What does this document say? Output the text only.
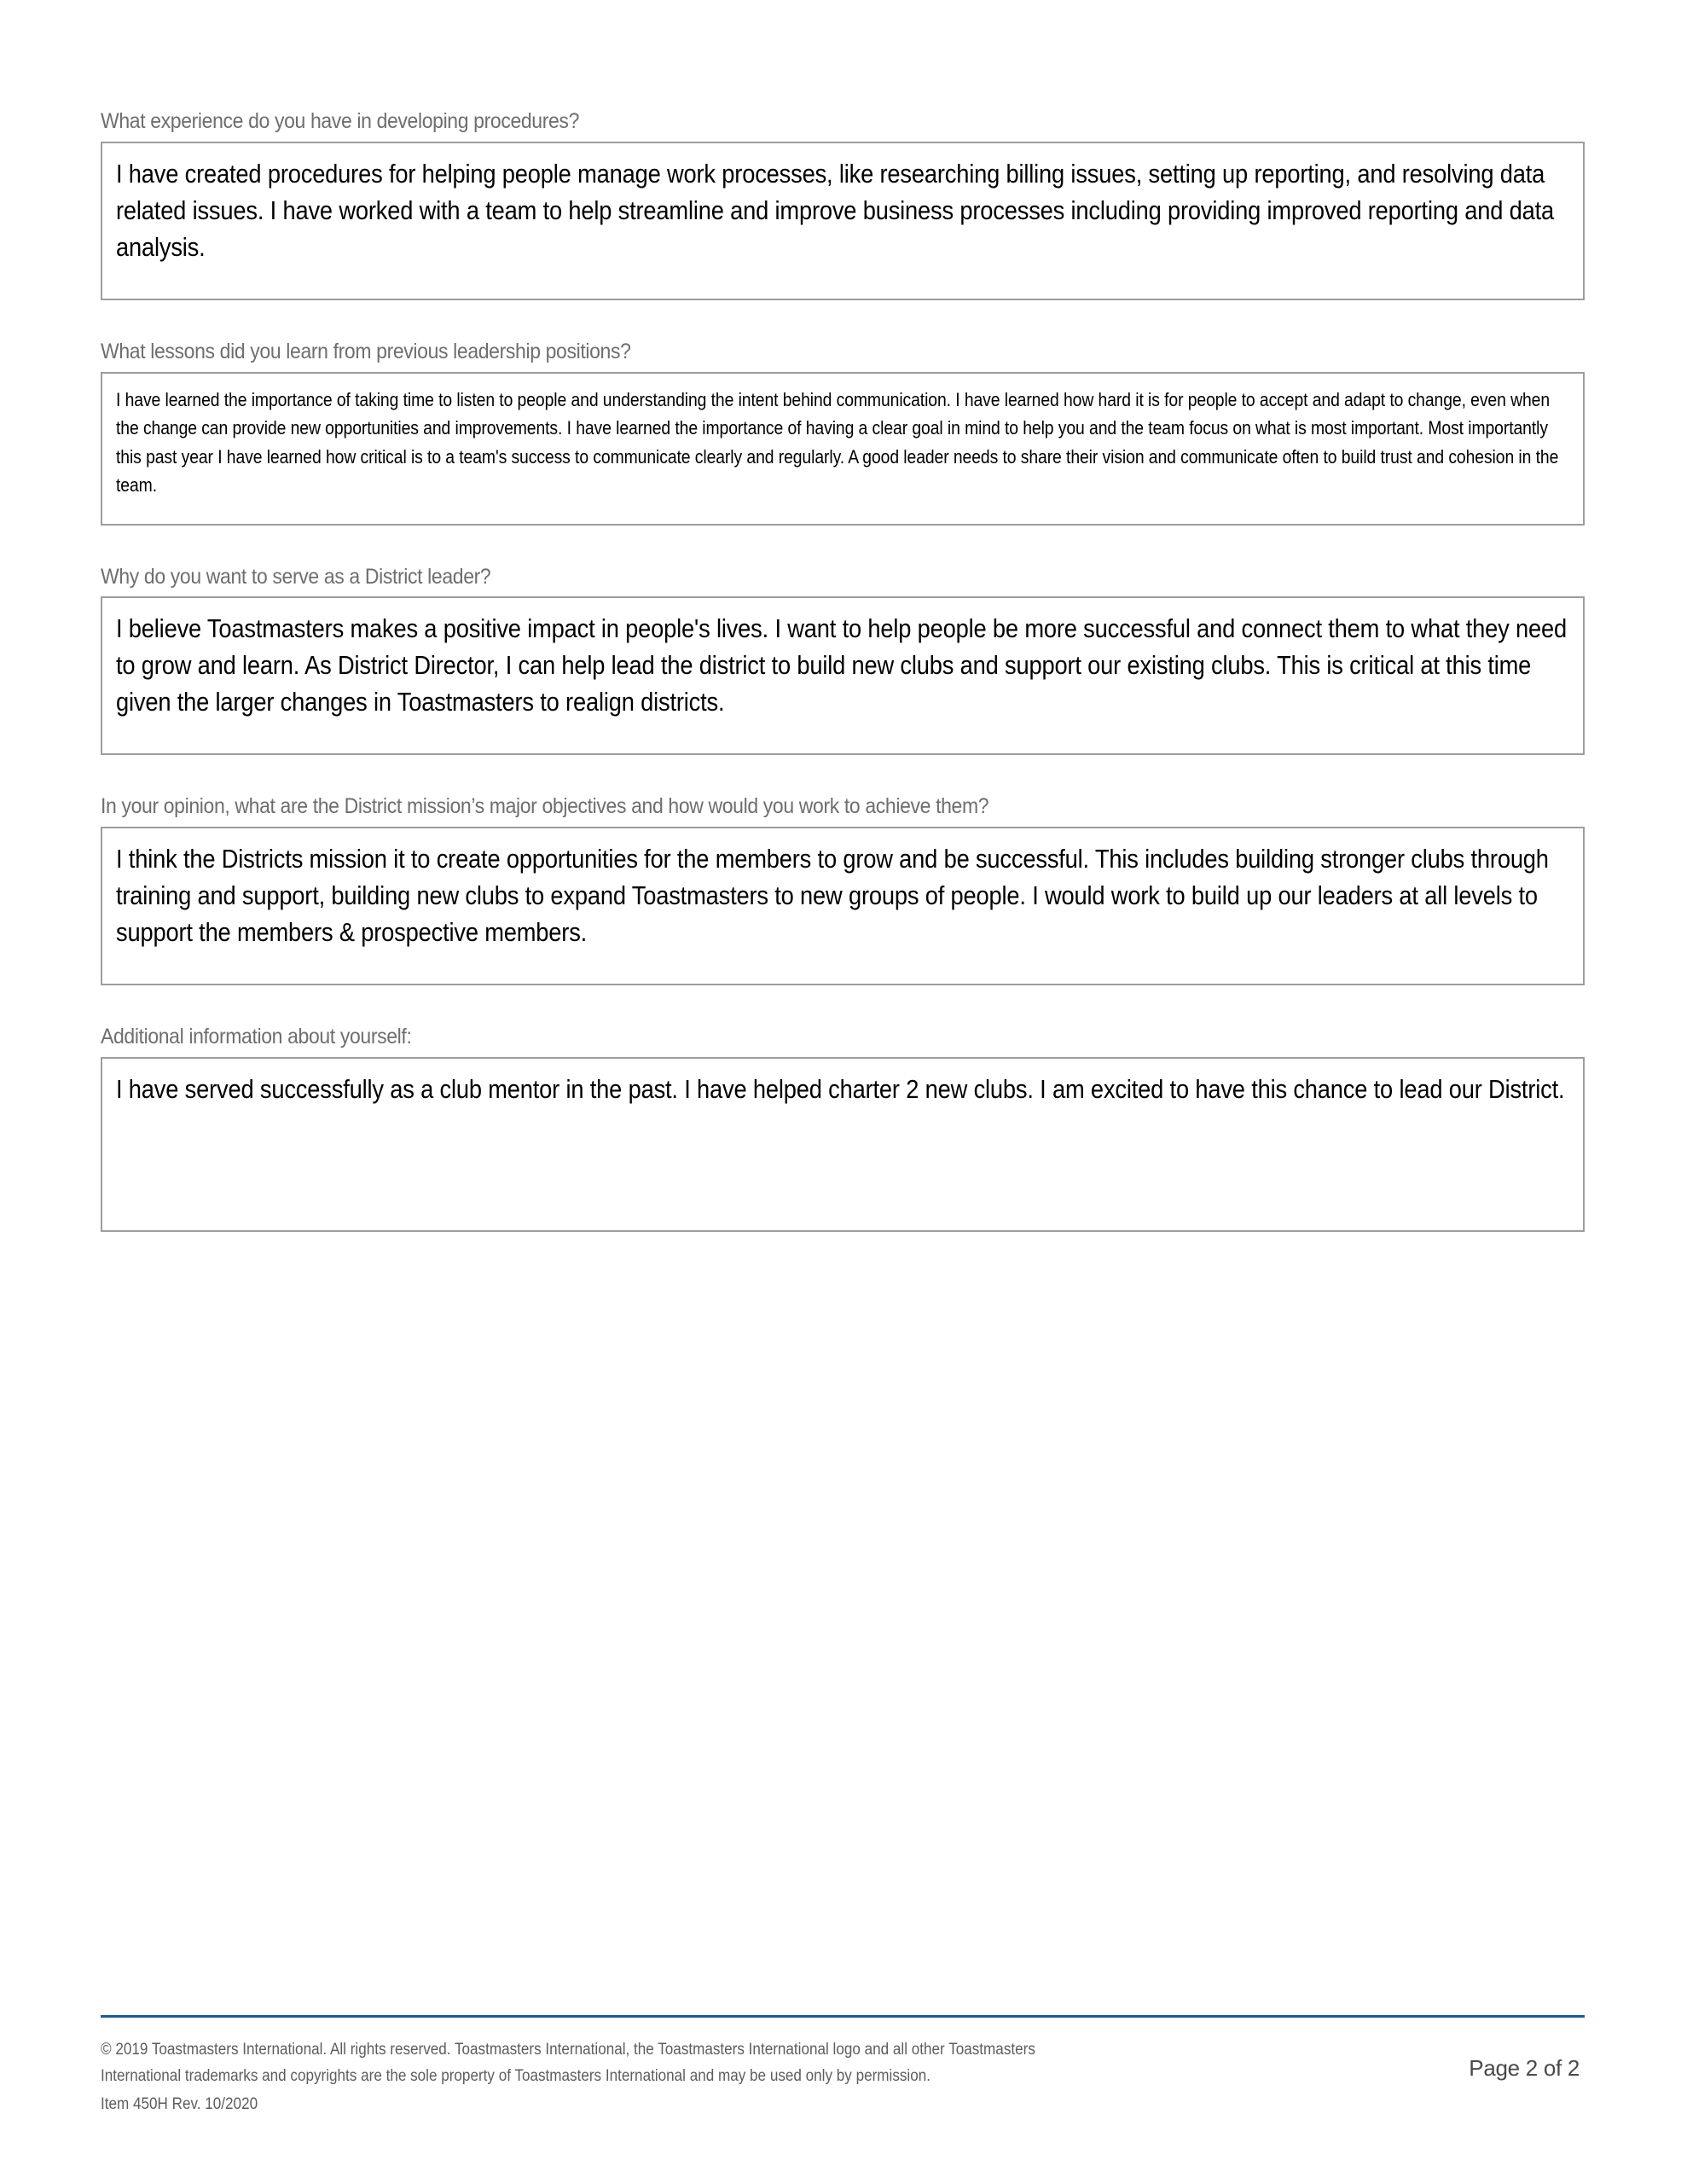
What experience do you have in developing procedures?

I have created procedures for helping people manage work processes, like researching billing issues, setting up reporting, and resolving data related issues. I have worked with a team to help streamline and improve business processes including providing improved reporting and data analysis.

What lessons did you learn from previous leadership positions?

I have learned the importance of taking time to listen to people and understanding the intent behind communication. I have learned how hard it is for people to accept and adapt to change, even when the change can provide new opportunities and improvements. I have learned the importance of having a clear goal in mind to help you and the team focus on what is most important. Most importantly this past year I have learned how critical is to a team's success to communicate clearly and regularly. A good leader needs to share their vision and communicate often to build trust and cohesion in the team.

Why do you want to serve as a District leader?

I believe Toastmasters makes a positive impact in people's lives. I want to help people be more successful and connect them to what they need to grow and learn. As District Director, I can help lead the district to build new clubs and support our existing clubs. This is critical at this time given the larger changes in Toastmasters to realign districts.

In your opinion, what are the District mission’s major objectives and how would you work to achieve them?

I think the Districts mission it to create opportunities for the members to grow and be successful. This includes building stronger clubs through training and support, building new clubs to expand Toastmasters to new groups of people. I would work to build up our leaders at all levels to support the members & prospective members.

Additional information about yourself:

I have served successfully as a club mentor in the past. I have helped charter 2 new clubs. I am excited to have this chance to lead our District.

© 2019 Toastmasters International. All rights reserved. Toastmasters International, the Toastmasters International logo and all other Toastmasters
International trademarks and copyrights are the sole property of Toastmasters International and may be used only by permission.
Item 450H Rev. 10/2020
Page 2 of 2
